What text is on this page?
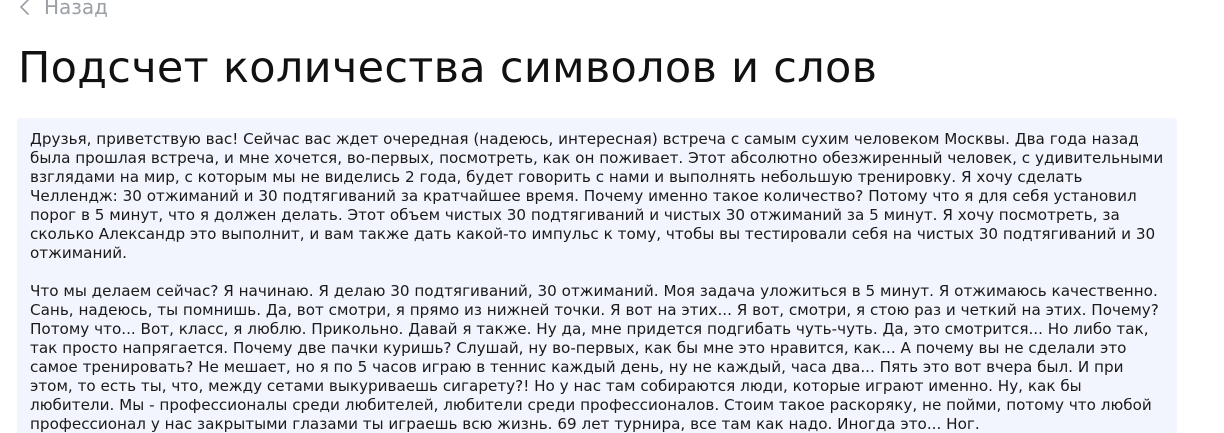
Назад
Подсчет количества символов и слов

Друзья, приветствую вас! Сейчас вас ждет очередная (надеюсь, интересная) встреча с самым сухим человеком Москвы. Два года назад была прошлая встреча, и мне хочется, во-первых, посмотреть, как он поживает. Этот абсолютно обезжиренный человек, с удивительными взглядами на мир, с которым мы не виделись 2 года, будет говорить с нами и выполнять небольшую тренировку. Я хочу сделать Челлендж: 30 отжиманий и 30 подтягиваний за кратчайшее время. Почему именно такое количество? Потому что я для себя установил порог в 5 минут, что я должен делать. Этот объем чистых 30 подтягиваний и чистых 30 отжиманий за 5 минут. Я хочу посмотреть, за сколько Александр это выполнит, и вам также дать какой-то импульс к тому, чтобы вы тестировали себя на чистых 30 подтягиваний и 30 отжиманий.

Что мы делаем сейчас? Я начинаю. Я делаю 30 подтягиваний, 30 отжиманий. Моя задача уложиться в 5 минут. Я отжимаюсь качественно. Сань, надеюсь, ты помнишь. Да, вот смотри, я прямо из нижней точки. Я вот на этих... Я вот, смотри, я стою раз и четкий на этих. Почему? Потому что... Вот, класс, я люблю. Прикольно. Давай я также. Ну да, мне придется подгибать чуть-чуть. Да, это смотрится... Но либо так, так просто напрягается. Почему две пачки куришь? Слушай, ну во-первых, как бы мне это нравится, как... А почему вы не сделали это самое тренировать? Не мешает, но я по 5 часов играю в теннис каждый день, ну не каждый, часа два... Пять это вот вчера был. И при этом, то есть ты, что, между сетами выкуриваешь сигарету?! Но у нас там собираются люди, которые играют именно. Ну, как бы любители. Мы - профессионалы среди любителей, любители среди профессионалов. Стоим такое раскоряку, не пойми, потому что любой профессионал у нас закрытыми глазами ты играешь всю жизнь. 69 лет турнира, все там как надо. Иногда это... Ног.
